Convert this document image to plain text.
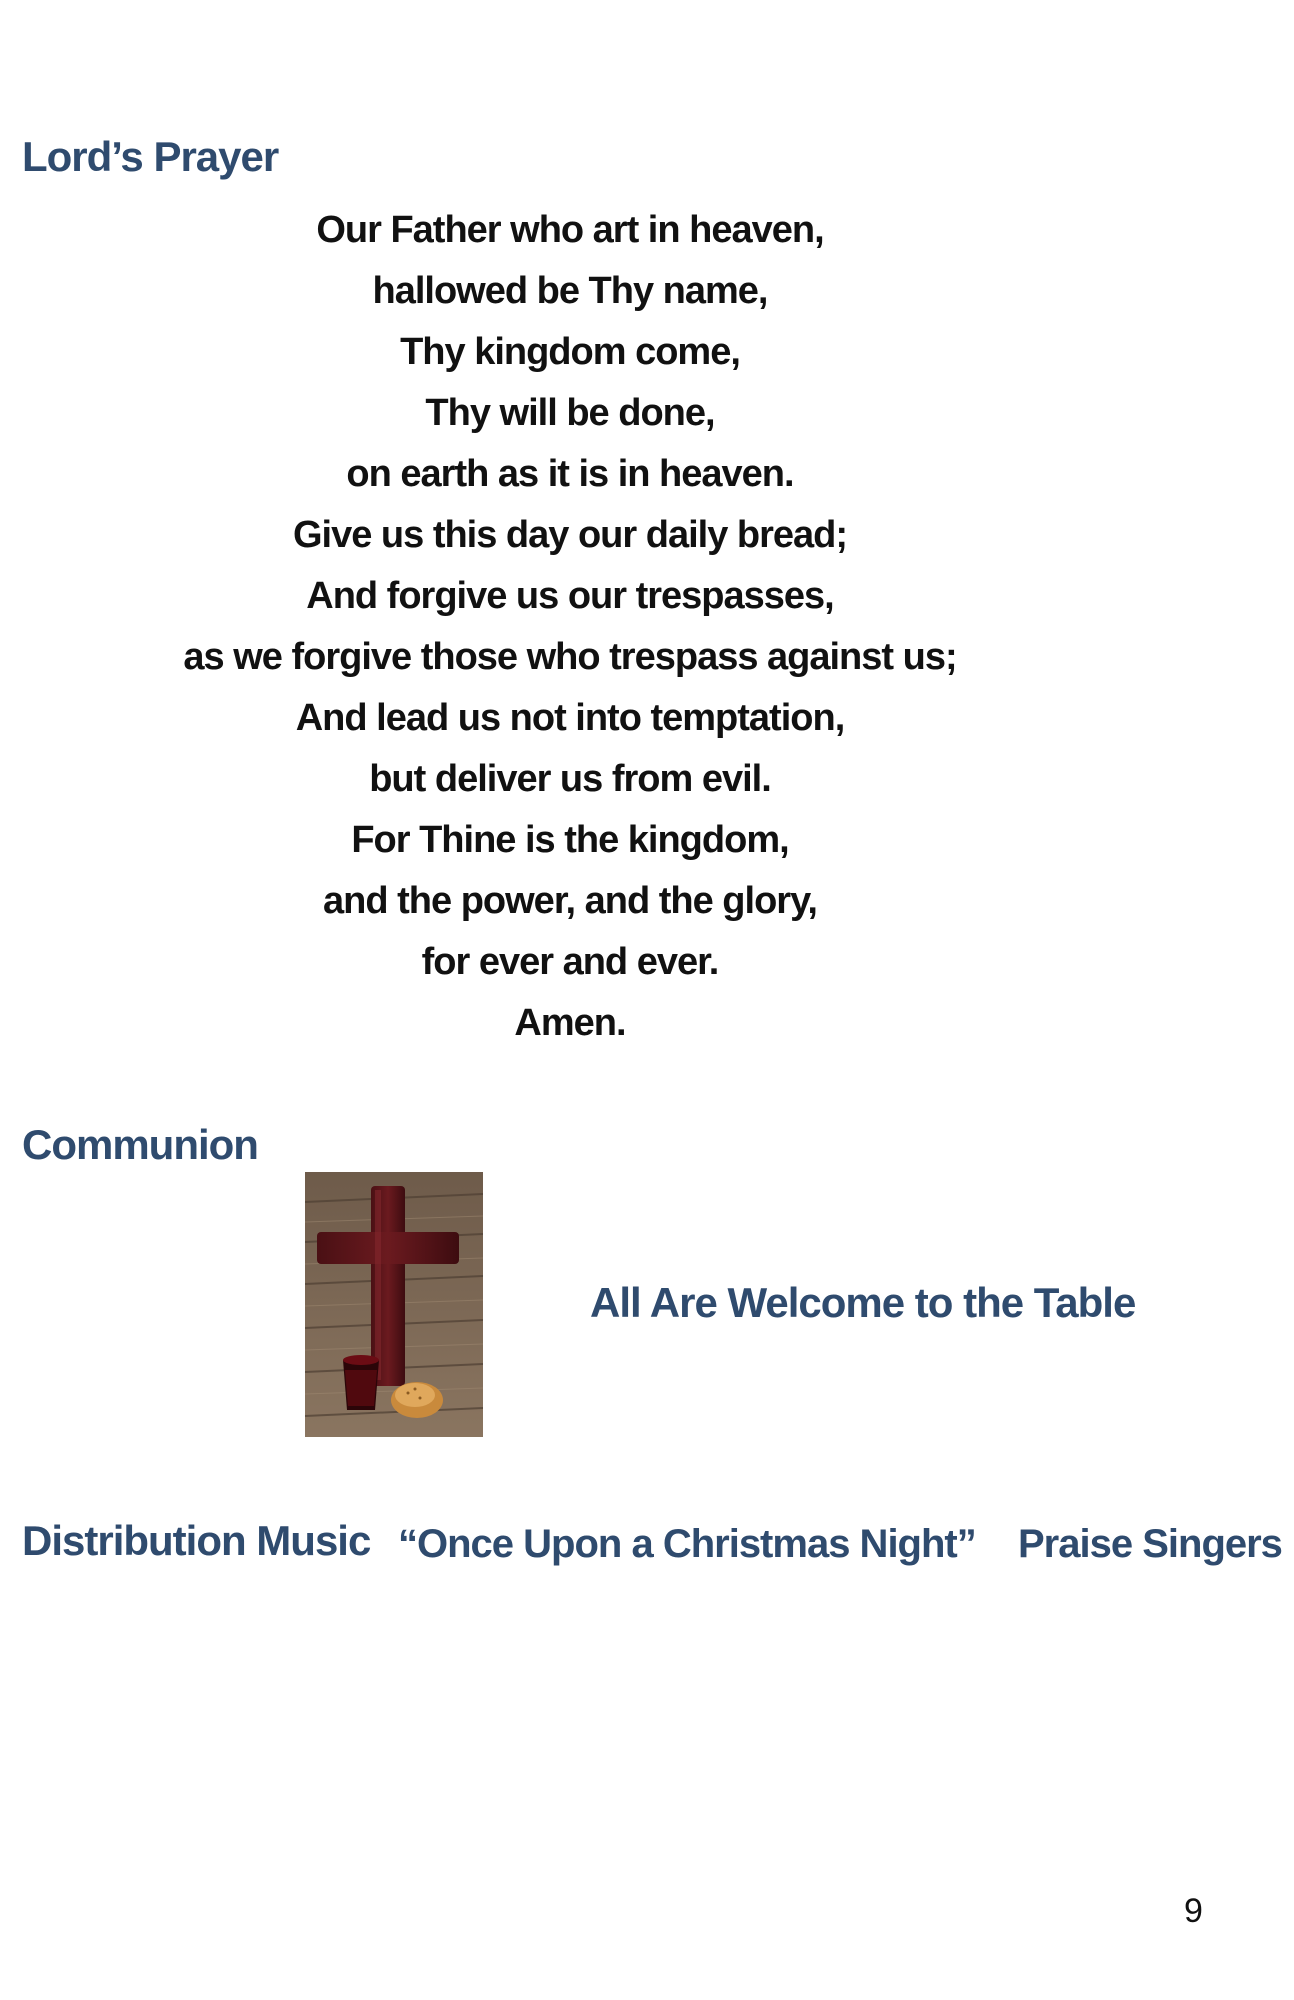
Lord’s Prayer
Our Father who art in heaven,
hallowed be Thy name,
Thy kingdom come,
Thy will be done,
on earth as it is in heaven.
Give us this day our daily bread;
And forgive us our trespasses,
as we forgive those who trespass against us;
And lead us not into temptation,
but deliver us from evil.
For Thine is the kingdom,
and the power, and the glory,
for ever and ever.
Amen.
Communion
All Are Welcome to the Table
Distribution Music “Once Upon a Christmas Night” Praise Singers
9
